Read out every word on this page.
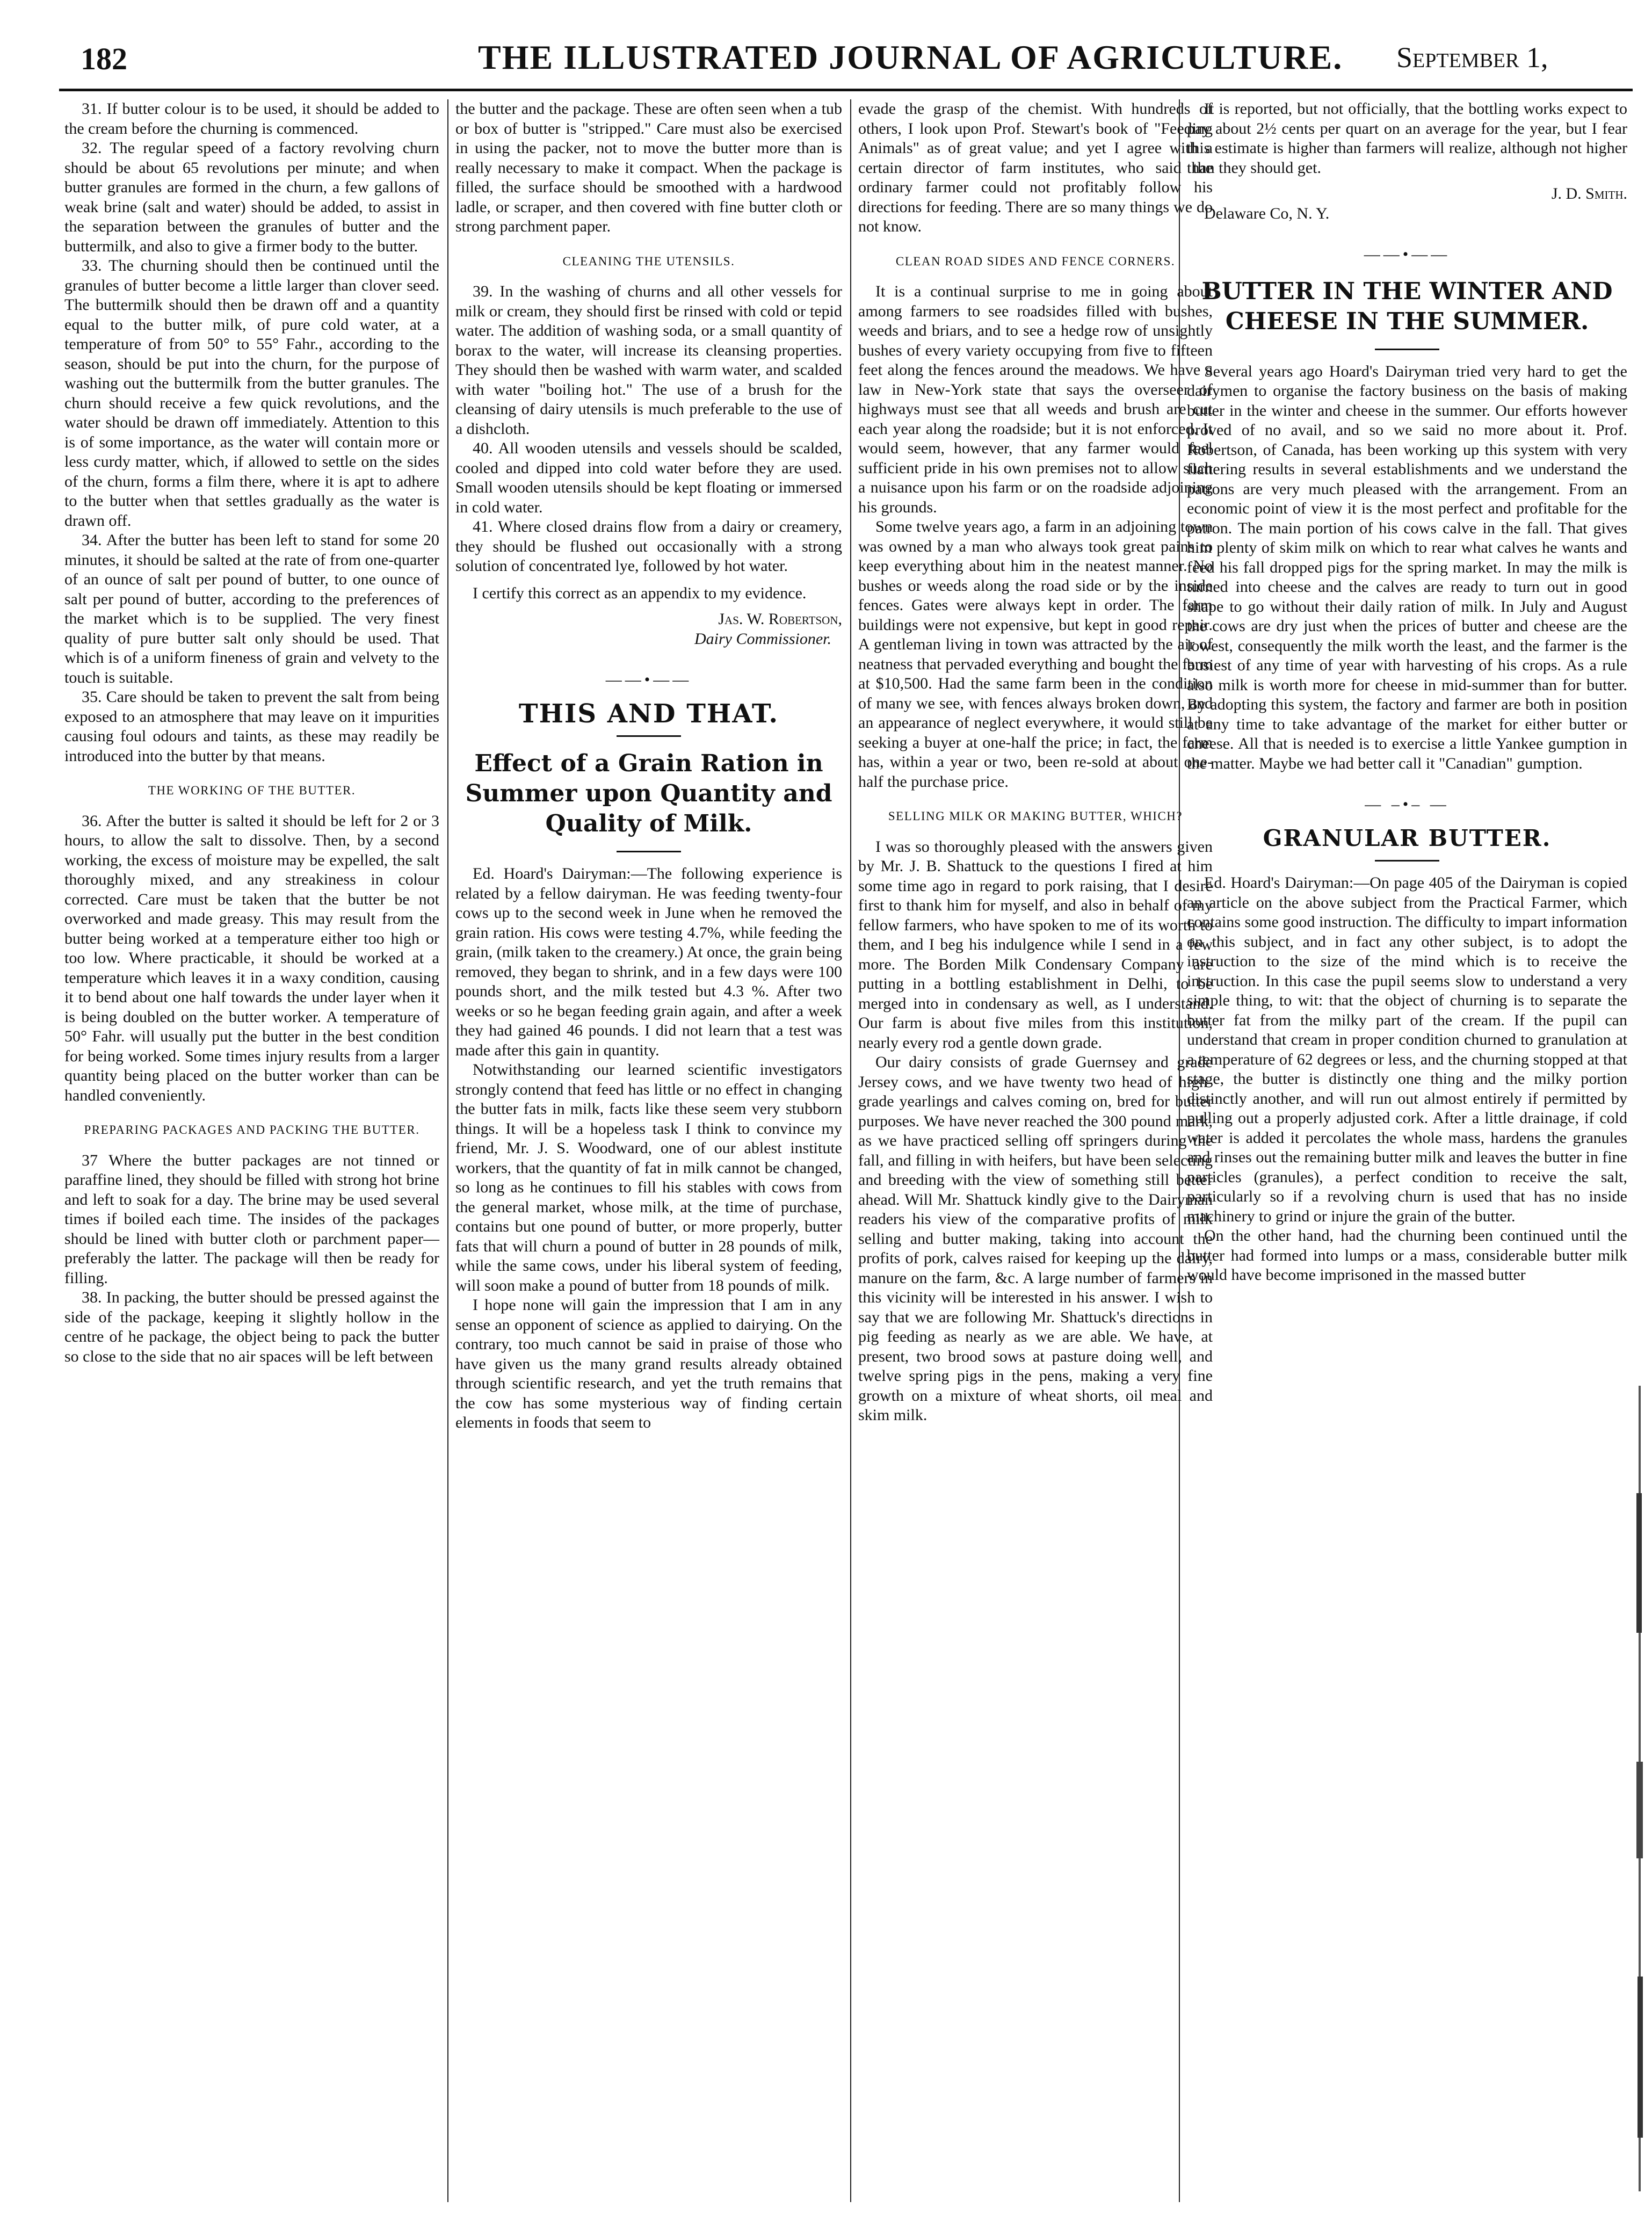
182	THE ILLUSTRATED JOURNAL OF AGRICULTURE. September 1,

31. If butter colour is to be used, it should be added to the cream before the churning is commenced.

32. The regular speed of a factory revolving churn should be about 65 revolutions per minute; and when butter granules are formed in the churn, a few gallons of weak brine (salt and water) should be added, to assist in the separation between the granules of butter and the buttermilk, and also to give a firmer body to the butter.

33. The churning should then be continued until the granules of butter become a little larger than clover seed. The buttermilk should then be drawn off and a quantity equal to the butter milk, of pure cold water, at a temperature of from 50° to 55° Fahr., according to the season, should be put into the churn, for the purpose of washing out the buttermilk from the butter granules. The churn should receive a few quick revolutions, and the water should be drawn off immediately. Attention to this is of some importance, as the water will contain more or less curdy matter, which, if allowed to settle on the sides of the churn, forms a film there, where it is apt to adhere to the butter when that settles gradually as the water is drawn off.

34. After the butter has been left to stand for some 20 minutes, it should be salted at the rate of from one-quarter of an ounce of salt per pound of butter, to one ounce of salt per pound of butter, according to the preferences of the market which is to be supplied. The very finest quality of pure butter salt only should be used. That which is of a uniform fineness of grain and velvety to the touch is suitable.

35. Care should be taken to prevent the salt from being exposed to an atmosphere that may leave on it impurities causing foul odours and taints, as these may readily be introduced into the butter by that means.

THE WORKING OF THE BUTTER.

36. After the butter is salted it should be left for 2 or 3 hours, to allow the salt to dissolve. Then, by a second working, the excess of moisture may be expelled, the salt thoroughly mixed, and any streakiness in colour corrected. Care must be taken that the butter be not overworked and made greasy. This may result from the butter being worked at a temperature either too high or too low. Where practicable, it should be worked at a temperature which leaves it in a waxy condition, causing it to bend about one half towards the under layer when it is being doubled on the butter worker. A temperature of 50° Fahr. will usually put the butter in the best condition for being worked. Some times injury results from a larger quantity being placed on the butter worker than can be handled conveniently.

PREPARING PACKAGES AND PACKING THE BUTTER.

37 Where the butter packages are not tinned or paraffine lined, they should be filled with strong hot brine and left to soak for a day. The brine may be used several times if boiled each time. The insides of the packages should be lined with butter cloth or parchment paper—preferably the latter. The package will then be ready for filling.

38. In packing, the butter should be pressed against the side of the package, keeping it slightly hollow in the centre of he package, the object being to pack the butter so close to the side that no air spaces will be left between

the butter and the package. These are often seen when a tub or box of butter is "stripped." Care must also be exercised in using the packer, not to move the butter more than is really necessary to make it compact. When the package is filled, the surface should be smoothed with a hardwood ladle, or scraper, and then covered with fine butter cloth or strong parchment paper.

CLEANING THE UTENSILS.

39. In the washing of churns and all other vessels for milk or cream, they should first be rinsed with cold or tepid water. The addition of washing soda, or a small quantity of borax to the water, will increase its cleansing properties. They should then be washed with warm water, and scalded with water "boiling hot." The use of a brush for the cleansing of dairy utensils is much preferable to the use of a dishcloth.

40. All wooden utensils and vessels should be scalded, cooled and dipped into cold water before they are used. Small wooden utensils should be kept floating or immersed in cold water.

41. Where closed drains flow from a dairy or creamery, they should be flushed out occasionally with a strong solution of concentrated lye, followed by hot water.

I certify this correct as an appendix to my evidence.

Jas. W. Robertson,

Dairy Commissioner.

——•——
THIS AND THAT.
Effect of a Grain Ration in Summer upon Quantity and Quality of Milk.

Ed. Hoard's Dairyman:—The following experience is related by a fellow dairyman. He was feeding twenty-four cows up to the second week in June when he removed the grain ration. His cows were testing 4.7%, while feeding the grain, (milk taken to the creamery.) At once, the grain being removed, they began to shrink, and in a few days were 100 pounds short, and the milk tested but 4.3 %. After two weeks or so he began feeding grain again, and after a week they had gained 46 pounds. I did not learn that a test was made after this gain in quantity.

Notwithstanding our learned scientific investigators strongly contend that feed has little or no effect in changing the butter fats in milk, facts like these seem very stubborn things. It will be a hopeless task I think to convince my friend, Mr. J. S. Woodward, one of our ablest institute workers, that the quantity of fat in milk cannot be changed, so long as he continues to fill his stables with cows from the general market, whose milk, at the time of purchase, contains but one pound of butter, or more properly, butter fats that will churn a pound of butter in 28 pounds of milk, while the same cows, under his liberal system of feeding, will soon make a pound of butter from 18 pounds of milk.

I hope none will gain the impression that I am in any sense an opponent of science as applied to dairying. On the contrary, too much cannot be said in praise of those who have given us the many grand results already obtained through scientific research, and yet the truth remains that the cow has some mysterious way of finding certain elements in foods that seem to

evade the grasp of the chemist. With hundreds of others, I look upon Prof. Stewart's book of "Feeding Animals" as of great value; and yet I agree with a certain director of farm institutes, who said the ordinary farmer could not profitably follow his directions for feeding. There are so many things we do not know.

CLEAN ROAD SIDES AND FENCE CORNERS.

It is a continual surprise to me in going about among farmers to see roadsides filled with bushes, weeds and briars, and to see a hedge row of unsightly bushes of every variety occupying from five to fifteen feet along the fences around the meadows. We have a law in New-York state that says the overseer of highways must see that all weeds and brush are cut each year along the roadside; but it is not enforced. It would seem, however, that any farmer would feel sufficient pride in his own premises not to allow such a nuisance upon his farm or on the roadside adjoining his grounds.

Some twelve years ago, a farm in an adjoining town was owned by a man who always took great pains to keep everything about him in the neatest manner. No bushes or weeds along the road side or by the inside fences. Gates were always kept in order. The farm buildings were not expensive, but kept in good repair. A gentleman living in town was attracted by the air of neatness that pervaded everything and bought the farm at $10,500. Had the same farm been in the condition of many we see, with fences always broken down, and an appearance of neglect everywhere, it would still be seeking a buyer at one-half the price; in fact, the farm has, within a year or two, been re-sold at about one-half the purchase price.

SELLING MILK OR MAKING BUTTER, WHICH?

I was so thoroughly pleased with the answers given by Mr. J. B. Shattuck to the questions I fired at him some time ago in regard to pork raising, that I desire first to thank him for myself, and also in behalf of my fellow farmers, who have spoken to me of its worth to them, and I beg his indulgence while I send in a few more. The Borden Milk Condensary Company are putting in a bottling establishment in Delhi, to be merged into in condensary as well, as I understand. Our farm is about five miles from this institution, nearly every rod a gentle down grade.

Our dairy consists of grade Guernsey and grade Jersey cows, and we have twenty two head of high-grade yearlings and calves coming on, bred for butter purposes. We have never reached the 300 pound mark, as we have practiced selling off springers during the fall, and filling in with heifers, but have been selecting and breeding with the view of something still better ahead. Will Mr. Shattuck kindly give to the Dairyman readers his view of the comparative profits of milk selling and butter making, taking into account the profits of pork, calves raised for keeping up the dairy, manure on the farm, &c. A large number of farmers in this vicinity will be interested in his answer. I wish to say that we are following Mr. Shattuck's directions in pig feeding as nearly as we are able. We have, at present, two brood sows at pasture doing well, and twelve spring pigs in the pens, making a very fine growth on a mixture of wheat shorts, oil meal and skim milk.

It is reported, but not officially, that the bottling works expect to pay about 2½ cents per quart on an average for the year, but I fear this estimate is higher than farmers will realize, although not higher than they should get.

J. D. Smith.

Delaware Co, N. Y.

——•——
BUTTER IN THE WINTER AND CHEESE IN THE SUMMER.

Several years ago Hoard's Dairyman tried very hard to get the dairymen to organise the factory business on the basis of making butter in the winter and cheese in the summer. Our efforts however proved of no avail, and so we said no more about it. Prof. Robertson, of Canada, has been working up this system with very flattering results in several establishments and we understand the patrons are very much pleased with the arrangement. From an economic point of view it is the most perfect and profitable for the patron. The main portion of his cows calve in the fall. That gives him plenty of skim milk on which to rear what calves he wants and feed his fall dropped pigs for the spring market. In may the milk is turned into cheese and the calves are ready to turn out in good shape to go without their daily ration of milk. In July and August the cows are dry just when the prices of butter and cheese are the lowest, consequently the milk worth the least, and the farmer is the busiest of any time of year with harvesting of his crops. As a rule also milk is worth more for cheese in mid-summer than for butter. By adopting this system, the factory and farmer are both in position at any time to take advantage of the market for either butter or cheese. All that is needed is to exercise a little Yankee gumption in the matter. Maybe we had better call it "Canadian" gumption.

— –•– —
GRANULAR BUTTER.

Ed. Hoard's Dairyman:—On page 405 of the Dairyman is copied an article on the above subject from the Practical Farmer, which contains some good instruction. The difficulty to impart information on this subject, and in fact any other subject, is to adopt the instruction to the size of the mind which is to receive the instruction. In this case the pupil seems slow to understand a very simple thing, to wit: that the object of churning is to separate the butter fat from the milky part of the cream. If the pupil can understand that cream in proper condition churned to granulation at a temperature of 62 degrees or less, and the churning stopped at that stage, the butter is distinctly one thing and the milky portion distinctly another, and will run out almost entirely if permitted by pulling out a properly adjusted cork. After a little drainage, if cold water is added it percolates the whole mass, hardens the granules and rinses out the remaining butter milk and leaves the butter in fine particles (granules), a perfect condition to receive the salt, particularly so if a revolving churn is used that has no inside machinery to grind or injure the grain of the butter.

On the other hand, had the churning been continued until the butter had formed into lumps or a mass, considerable butter milk would have become imprisoned in the massed butter
